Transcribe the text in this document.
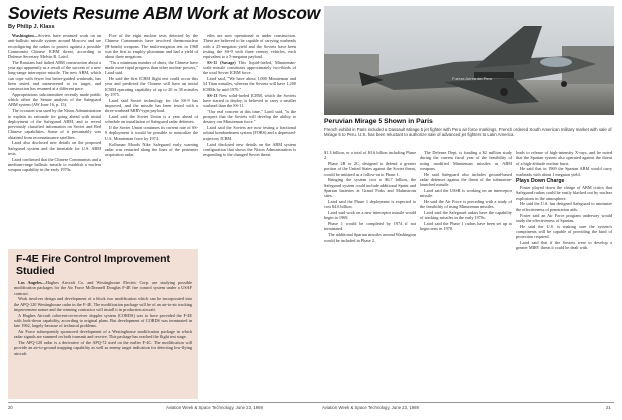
Soviets Resume ABM Work at Moscow
By Philip J. Klass

Washington—Soviets have resumed work on an anti-ballistic missile system around Moscow and are reconfiguring the radars to protect against a possible Communist Chinese ICBM threat, according to Defense Secretary Melvin R. Laird.

The Russians had halted ABM construction about a year ago apparently as a result of the success of a new long-range interceptor missile. The new ABM, which can cope with fewer but better-guided warheads, has been tested and maneuvered to its target, and construction has resumed at a different pace.

Appropriations subcommittee recently made public which offset the Senate analysis of the Safeguard ABM system (AW June 16, p. 15).

The occasion was used by the Nixon Administration to explain its rationale for going ahead with initial deployment of the Safeguard ABM, and to reveal previously classified information on Soviet and Red Chinese capabilities. Some of it presumably was obtained from reconnaissance satellites.

Laird also disclosed new details on the proposed Safeguard system and the timetable for U.S. ABM tests.

Laird confirmed that the Chinese Communists and a medium-range ballistic missile to establish a nuclear weapon capability in the early 1970s.

F-4E Fire Control Improvement Studied

Los Angeles—Hughes Aircraft Co. and Westinghouse Electric Corp. are studying possible modification packages for the Air Force McDonnell Douglas F-4E fire control system under a USAF contract.

Work involves design and development of a block two modification which can be incorporated into the APQ-120 Westinghouse radar in the F-4E. The modification package will be of an air-to-air tracking improvement nature and the winning contractor will install it in production aircraft.

A Hughes Aircraft coherent-on-receiver doppler system (CORDS) was to have provided the F-4E with look-down capability, according to original plans. But development of CORDS was terminated in late 1962, largely because of technical problems.

Air Force subsequently sponsored development of a Westinghouse modification package in which radar signals are summed on both transmit and receive. This package has reached the flight test stage.

The APQ-120 radar is a derivative of the APQ-72 used on the earlier F-4C. The modification will provide an air-to-ground mapping capability as well as enemy target indication for detecting low-flying aircraft.

Five of the eight nuclear tests detected by the Chinese Communists have involved thermonuclear (H-bomb) weapons. The multi-megaton test in 1968 was the first to employ plutonium and had a yield of about three megatons.

"On a minimum number of shots, the Chinese have made more rapid progress than other nuclear powers," Laird said.

He said the first ICBM flight test could occur this year and predicted the Chinese will have an initial ICBM operating capability of up to 20 or 30 missiles by 1975.

Laird said Soviet technology for the SS-9 has improved, and the missile has been tested with a three-warhead MIRV-type payload.

Laird said the Soviet Union is a year ahead of schedule on installation of Safeguard radar defenses.

If the Soviet Union continues its current rate of SS-9 deployment it would be possible to neutralize the U.S. Minuteman force by 1974.

Kollsman Moods Nike Safeguard early warning radar was restarted along the lines of the perimeter acquisition radar.

eiles are now operational or under construction. These are believed to be capable of carrying warheads with a 25-megaton yield and the Soviets have been testing the SS-9 with three reentry vehicles, each equivalent to a 5-megaton payload.

SS-11 (Savage) This liquid-fueled, Minuteman-scale missile constitutes approximately two-thirds of the total Soviet ICBM force.

Laird said, "We have about 1,000 Minuteman and 54 Titan missiles, whereas the Soviets will have 1,200 ICBMs by mid-1970."

SS-13 New solid-fueled ICBM, which the Soviets have started to deploy, is believed to carry a smaller warhead than the SS-11.

"Our real concern at this time," Laird said, "is the prospect that the Soviets will develop the ability to destroy our Minuteman force."

Laird said the Soviets are now testing a fractional orbital bombardment system (FOBS) and a depressed-trajectory ICBM.

Laird disclosed new details on the ABM system configuration that shows the Nixon Administration is responding to the changed Soviet threat.

Fuerza Aerea del Peru
Peruvian Mirage 5 Shown in Paris
French exhibit in Paris included a Dassault Mirage 5 jet fighter with Peru air force markings. French ordered South American military market with sale of Mirage 5 to Peru. U.S. has been reluctant to authorize sale of advanced jet fighters to Latin America.

$1.3 billion, or a total of $3.6 billion including Phase 2.

Phase 2B or 2C, designed to defend a greater portion of the United States against the Soviet threat, would be initiated as a follow-on to Phase 1.

Bringing the system cost to $6.7 billion, the Safeguard system could include additional Sprint and Spartan batteries at Grand Forks and Malmstrom sites.

Laird said the Phase 1 deployment is expected to cost $4.6 billion.

Laird said work on a new interceptor missile would begin in 1969.

Phase 1 would be completed by 1974 if not terminated.

The additional Spartan missiles around Washington would be included in Phase 2.

The Defense Dept. is funding a $2 million study during the current fiscal year of the feasibility of using modified Minuteman missiles as ABM weapons.

He said Safeguard also includes ground-based radar defenses against the threat of the submarine-launched missile.

Laird said the USSR is working on an interceptor missile.

He said the Air Force is preceding with a study of the feasibility of using Minuteman missiles.

Laird said the Safeguard radars have the capability of tracking missiles in the early 1970s.

Laird said the Phase 1 radars have been set up to begin tests in 1970.

leads to release of high-intensity X-rays, and he noted that the Spartan system also operated against the threat of a high-altitude nuclear burst.

He said that in 1969 the Spartan ABM would carry warheads with about 1 megaton yield.

Plays Down Charge

Foster played down the charge of ABM critics that Safeguard radars could be easily blacked out by nuclear explosions in the atmosphere.

He said the U.S. has designed Safeguard to minimize the effectiveness of penetration aids.

Foster said an Air Force program underway would study the effectiveness of Spartan.

He said the U.S. is making sure the system's components will be capable of providing the kind of protection required.

Laird said that if the Soviets were to develop a greater MIRV threat it could be dealt with.

20	Aviation Week & Space Technology, June 23, 1969	Aviation Week & Space Technology, June 23, 1969	21
